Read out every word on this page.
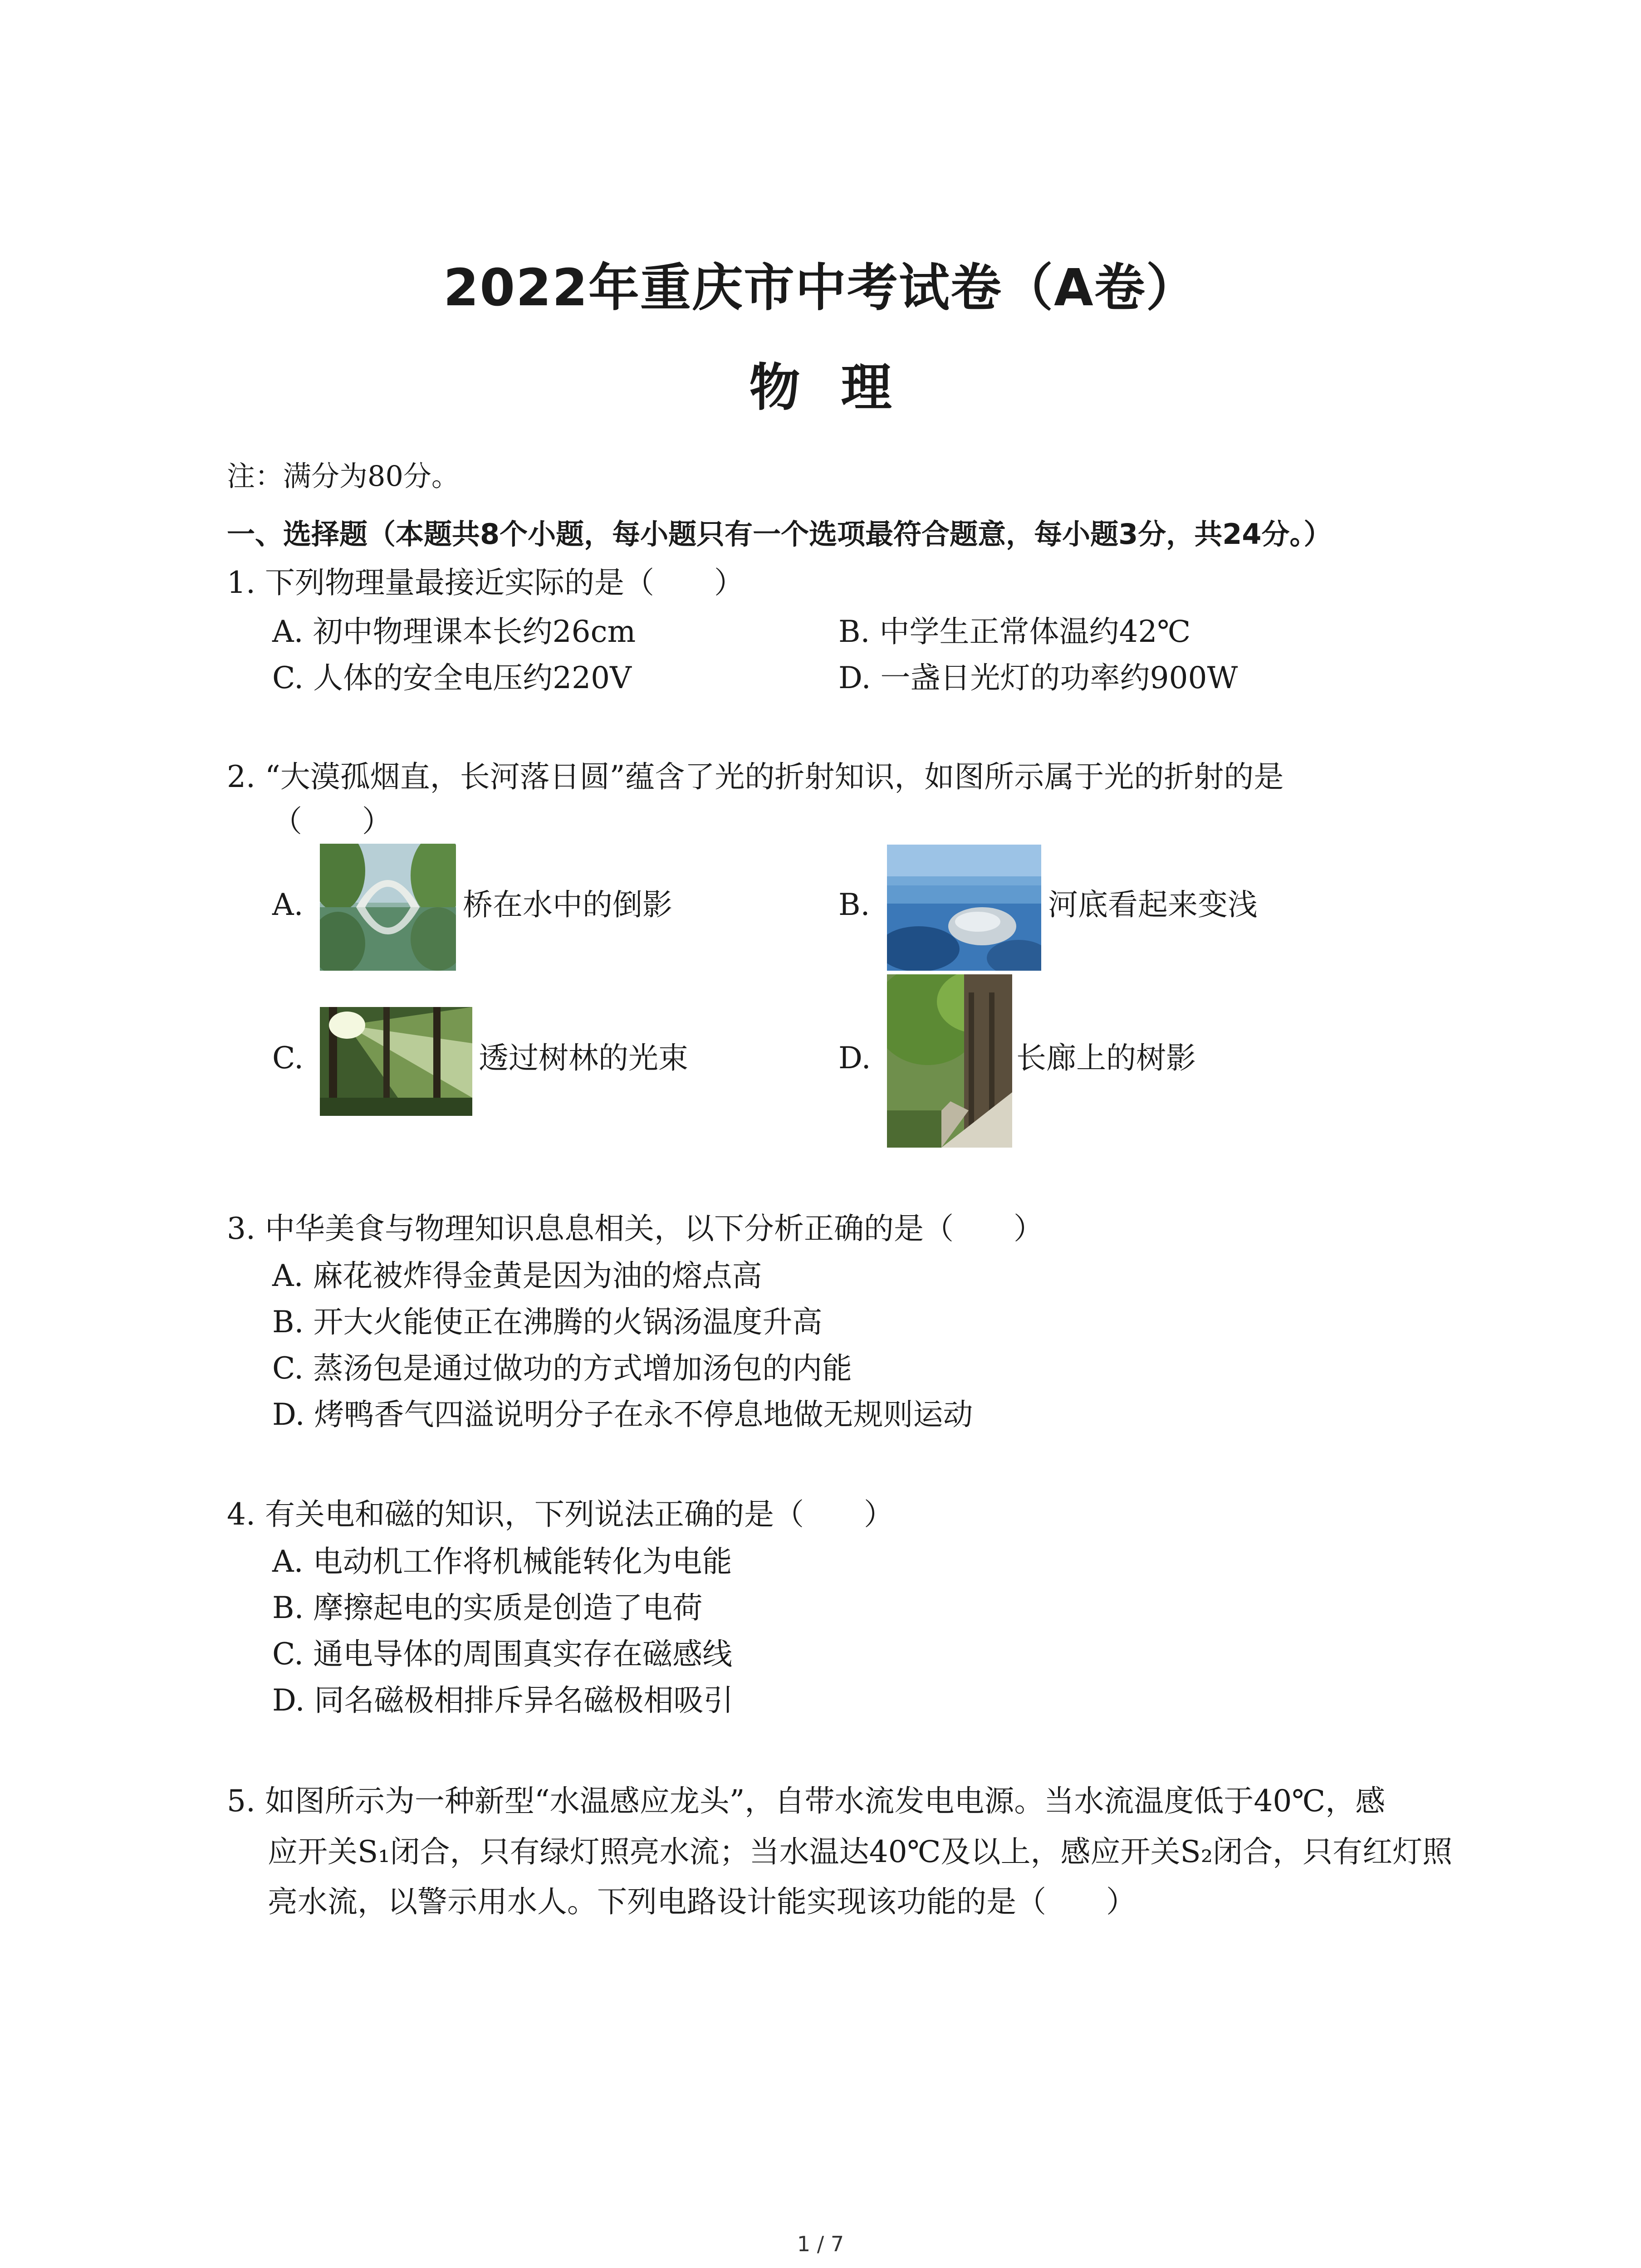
2022年重庆市中考试卷（A卷）
物理
注：满分为80分。
一、选择题（本题共8个小题，每小题只有一个选项最符合题意，每小题3分，共24分。）
1. 下列物理量最接近实际的是（　　）
A. 初中物理课本长约26cm	B. 中学生正常体温约42℃
C. 人体的安全电压约220V	D. 一盏日光灯的功率约900W
2. “大漠孤烟直，长河落日圆”蕴含了光的折射知识，如图所示属于光的折射的是
（　　）
A.	桥在水中的倒影	B.	河底看起来变浅
C.	透过树林的光束	D.	长廊上的树影
3. 中华美食与物理知识息息相关，以下分析正确的是（　　）
A. 麻花被炸得金黄是因为油的熔点高
B. 开大火能使正在沸腾的火锅汤温度升高
C. 蒸汤包是通过做功的方式增加汤包的内能
D. 烤鸭香气四溢说明分子在永不停息地做无规则运动
4. 有关电和磁的知识，下列说法正确的是（　　）
A. 电动机工作将机械能转化为电能
B. 摩擦起电的实质是创造了电荷
C. 通电导体的周围真实存在磁感线
D. 同名磁极相排斥异名磁极相吸引
5. 如图所示为一种新型“水温感应龙头”，自带水流发电电源。当水流温度低于40℃，感
应开关S₁闭合，只有绿灯照亮水流；当水温达40℃及以上，感应开关S₂闭合，只有红灯照
亮水流，以警示用水人。下列电路设计能实现该功能的是（　　）
1 / 7
